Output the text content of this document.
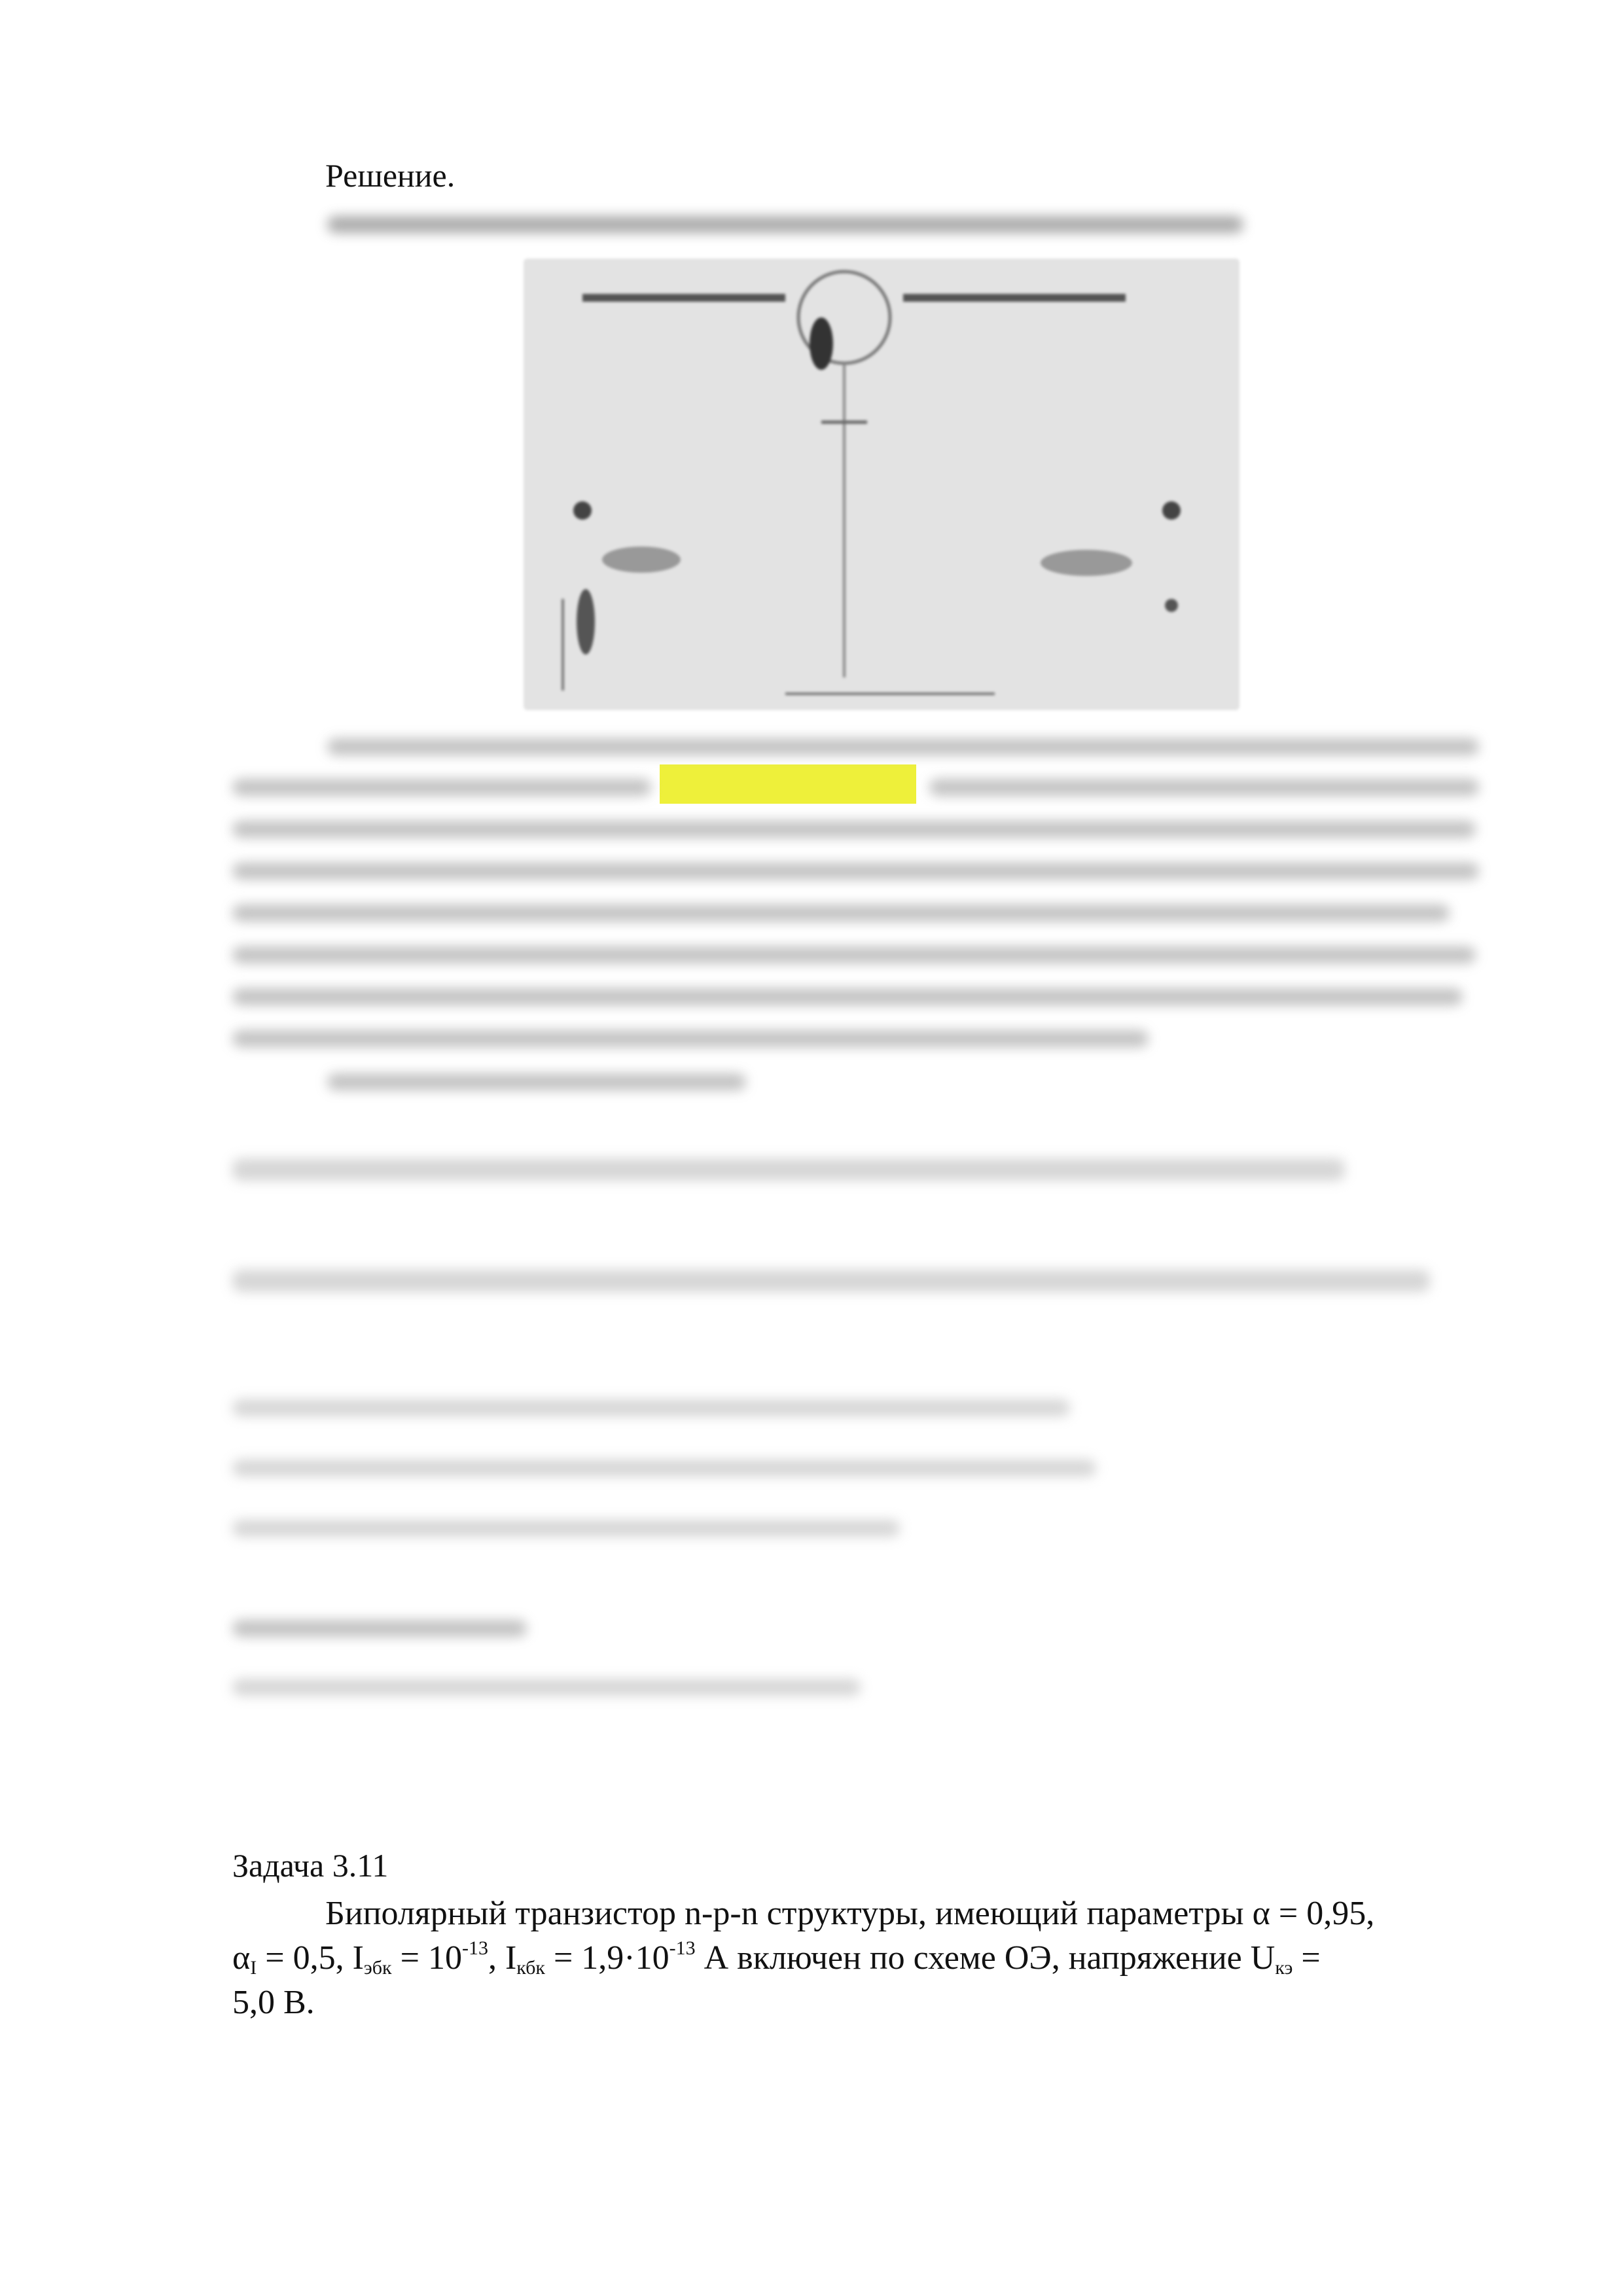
Решение.
Задача 3.11
Биполярный транзистор n-p-n структуры, имеющий параметры α = 0,95,
$\alpha_I = 0,5$, $I_{эбк} = 10^{-13}$, $I_{кбк} = 1,9\cdot 10^{-13}$ А включен по схеме ОЭ, напряжение $U_{кэ}$ =
5,0 В.
